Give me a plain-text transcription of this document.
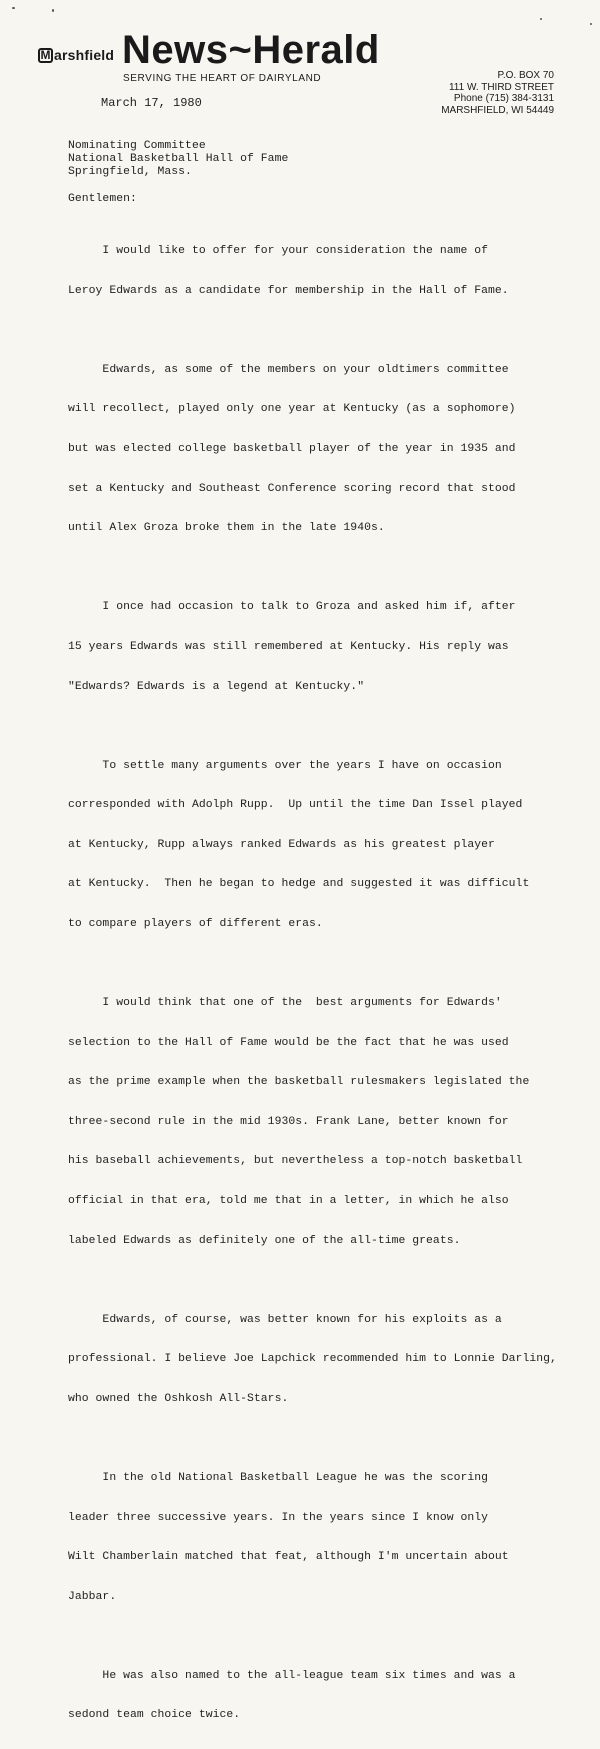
M arshfield News~Herald
SERVING THE HEART OF DAIRYLAND	P.O. BOX 70
111 W. THIRD STREET
Phone (715) 384-3131
MARSHFIELD, WI 54449
March 17, 1980
Nominating Committee
National Basketball Hall of Fame
Springfield, Mass.
Gentlemen:

I would like to offer for your consideration the name of

Leroy Edwards as a candidate for membership in the Hall of Fame.

Edwards, as some of the members on your oldtimers committee

will recollect, played only one year at Kentucky (as a sophomore)

but was elected college basketball player of the year in 1935 and

set a Kentucky and Southeast Conference scoring record that stood

until Alex Groza broke them in the late 1940s.

I once had occasion to talk to Groza and asked him if, after

15 years Edwards was still remembered at Kentucky. His reply was

"Edwards? Edwards is a legend at Kentucky."

To settle many arguments over the years I have on occasion

corresponded with Adolph Rupp.  Up until the time Dan Issel played

at Kentucky, Rupp always ranked Edwards as his greatest player

at Kentucky.  Then he began to hedge and suggested it was difficult

to compare players of different eras.

I would think that one of the  best arguments for Edwards'

selection to the Hall of Fame would be the fact that he was used

as the prime example when the basketball rulesmakers legislated the

three-second rule in the mid 1930s. Frank Lane, better known for

his baseball achievements, but nevertheless a top-notch basketball

official in that era, told me that in a letter, in which he also

labeled Edwards as definitely one of the all-time greats.

Edwards, of course, was better known for his exploits as a

professional. I believe Joe Lapchick recommended him to Lonnie Darling,

who owned the Oshkosh All-Stars.

In the old National Basketball League he was the scoring

leader three successive years. In the years since I know only

Wilt Chamberlain matched that feat, although I'm uncertain about

Jabbar.

He was also named to the all-league team six times and was a

sedond team choice twice.
